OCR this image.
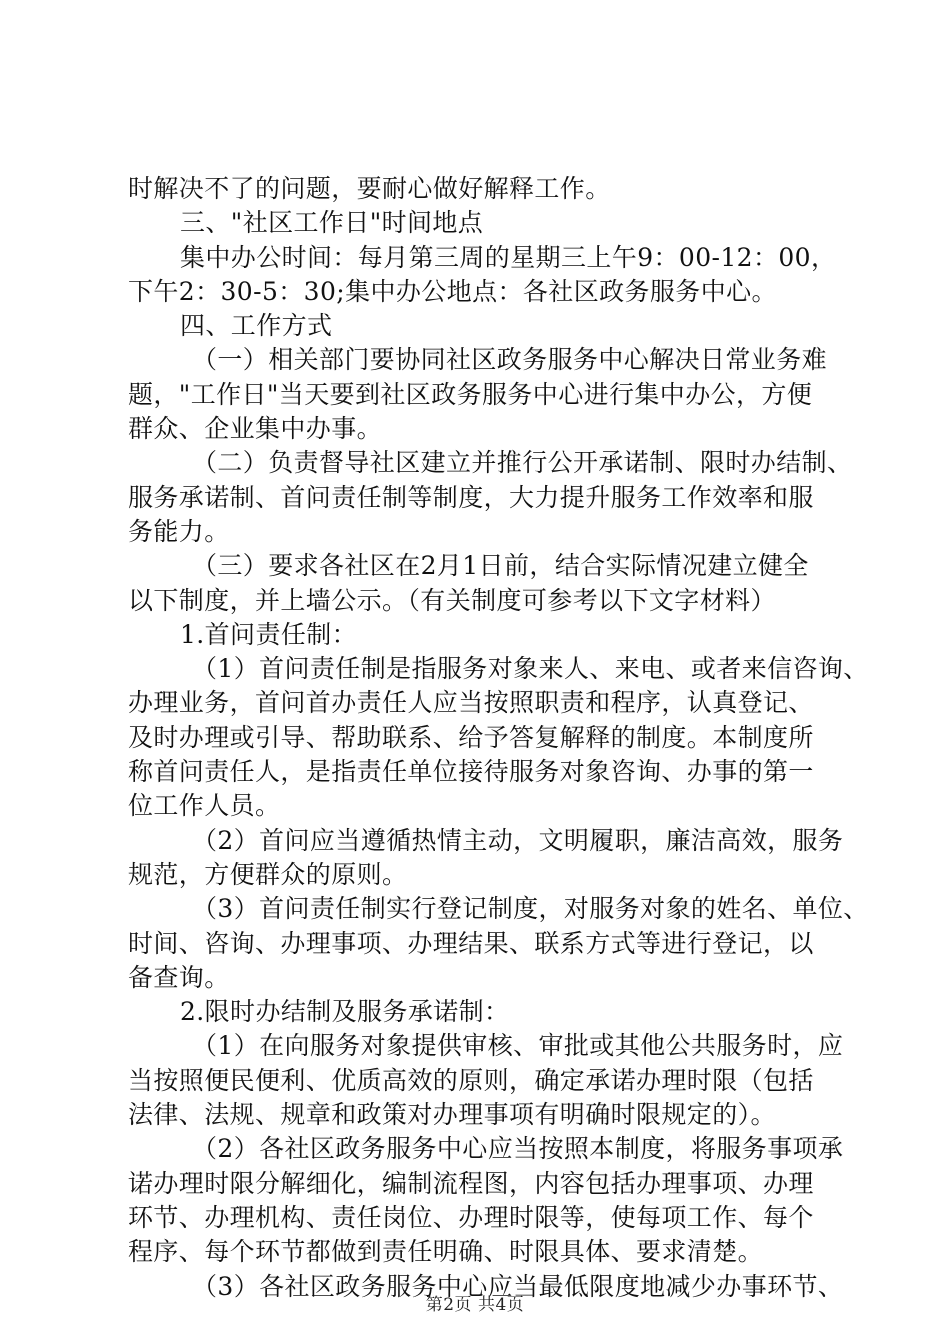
时解决不了的问题，要耐心做好解释工作。
三、"社区工作日"时间地点
集中办公时间：每月第三周的星期三上午9：00-12：00，
下午2：30-5：30;集中办公地点：各社区政务服务中心。
四、工作方式
（一）相关部门要协同社区政务服务中心解决日常业务难
题，"工作日"当天要到社区政务服务中心进行集中办公，方便
群众、企业集中办事。
（二）负责督导社区建立并推行公开承诺制、限时办结制、
服务承诺制、首问责任制等制度，大力提升服务工作效率和服
务能力。
（三）要求各社区在2月1日前，结合实际情况建立健全
以下制度，并上墙公示。（有关制度可参考以下文字材料）
1.首问责任制：
（1）首问责任制是指服务对象来人、来电、或者来信咨询、
办理业务，首问首办责任人应当按照职责和程序，认真登记、
及时办理或引导、帮助联系、给予答复解释的制度。本制度所
称首问责任人，是指责任单位接待服务对象咨询、办事的第一
位工作人员。
（2）首问应当遵循热情主动，文明履职，廉洁高效，服务
规范，方便群众的原则。
（3）首问责任制实行登记制度，对服务对象的姓名、单位、
时间、咨询、办理事项、办理结果、联系方式等进行登记，以
备查询。
2.限时办结制及服务承诺制：
（1）在向服务对象提供审核、审批或其他公共服务时，应
当按照便民便利、优质高效的原则，确定承诺办理时限（包括
法律、法规、规章和政策对办理事项有明确时限规定的）。
（2）各社区政务服务中心应当按照本制度，将服务事项承
诺办理时限分解细化，编制流程图，内容包括办理事项、办理
环节、办理机构、责任岗位、办理时限等，使每项工作、每个
程序、每个环节都做到责任明确、时限具体、要求清楚。
（3）各社区政务服务中心应当最低限度地减少办事环节、
第2页 共4页
